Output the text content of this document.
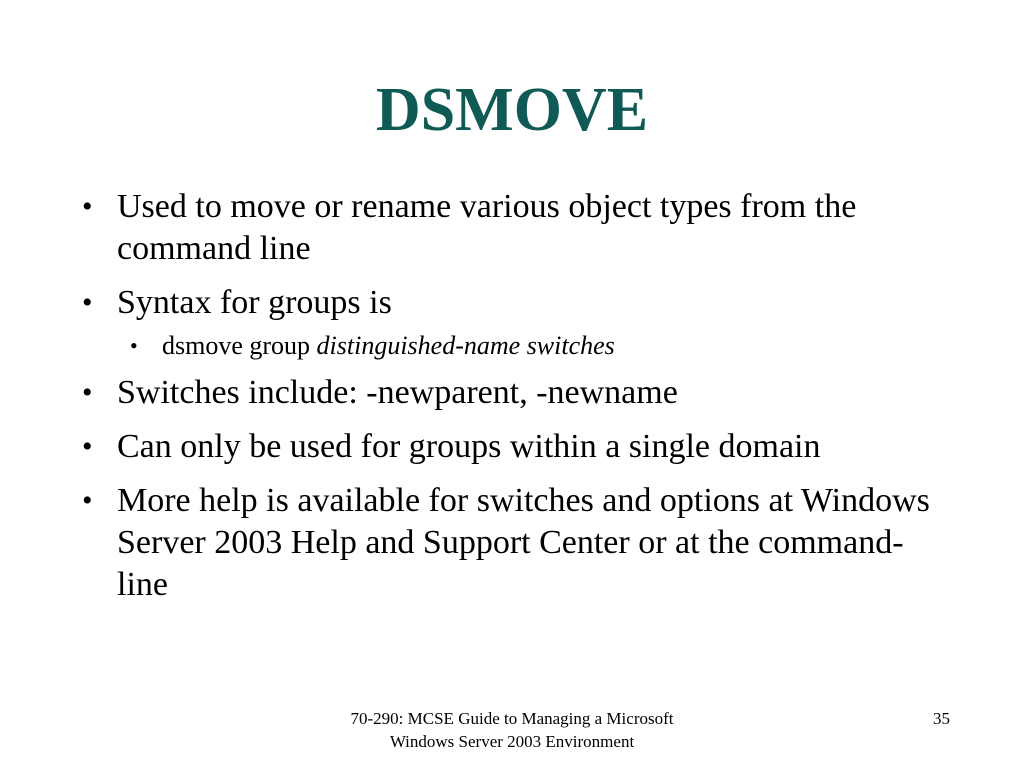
DSMOVE
• Used to move or rename various object types from the command line
• Syntax for groups is
• dsmove group distinguished-name switches
• Switches include: -newparent, -newname
• Can only be used for groups within a single domain
• More help is available for switches and options at Windows Server 2003 Help and Support Center or at the command-line
70-290: MCSE Guide to Managing a Microsoft
Windows Server 2003 Environment
35
